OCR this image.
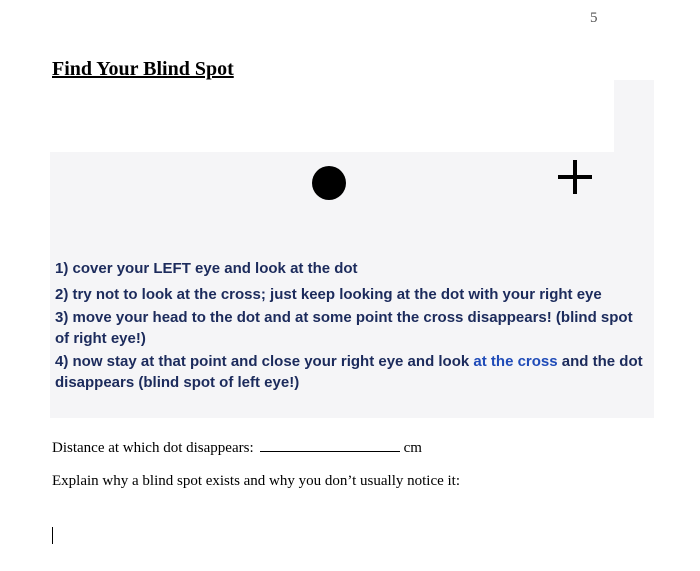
5
Find Your Blind Spot

1) cover your LEFT eye and look at the dot

2) try not to look at the cross; just keep looking at the dot with your right eye

3) move your head to the dot and at some point the cross disappears! (blind spot of right eye!)

4) now stay at that point and close your right eye and look at the cross and the dot disappears (blind spot of left eye!)

Distance at which dot disappears:	cm
Explain why a blind spot exists and why you don’t usually notice it:
